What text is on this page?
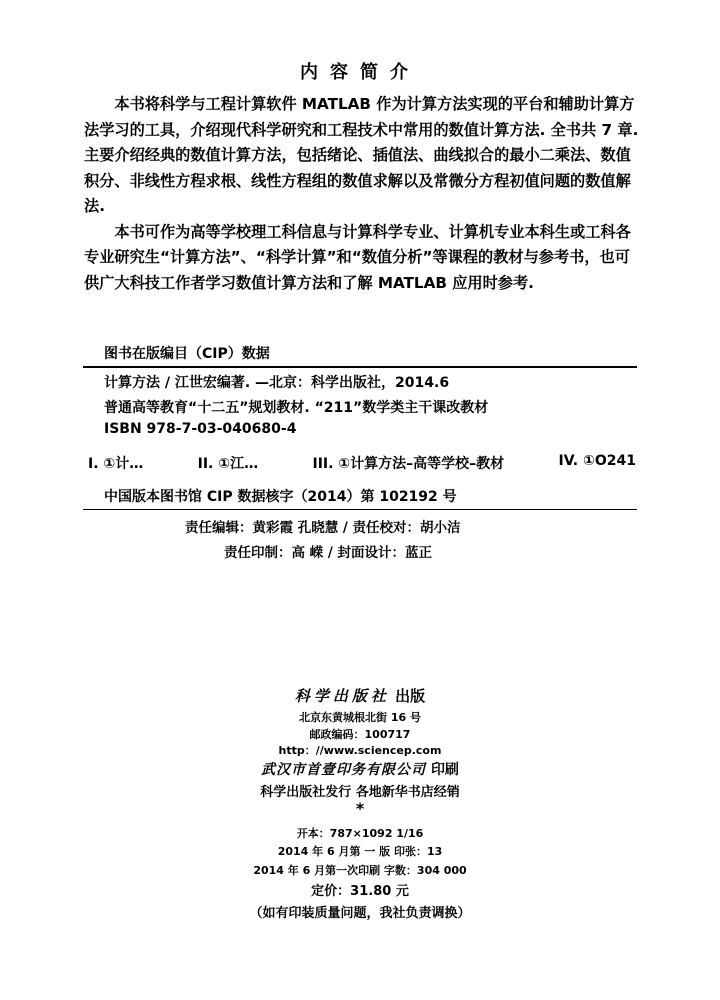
内容简介

本书将科学与工程计算软件 MATLAB 作为计算方法实现的平台和辅助计算方法学习的工具，介绍现代科学研究和工程技术中常用的数值计算方法. 全书共 7 章. 主要介绍经典的数值计算方法，包括绪论、插值法、曲线拟合的最小二乘法、数值积分、非线性方程求根、线性方程组的数值求解以及常微分方程初值问题的数值解法.

本书可作为高等学校理工科信息与计算科学专业、计算机专业本科生或工科各专业研究生“计算方法”、“科学计算”和“数值分析”等课程的教材与参考书，也可供广大科技工作者学习数值计算方法和了解 MATLAB 应用时参考.

图书在版编目（CIP）数据
计算方法 / 江世宏编著. —北京：科学出版社，2014.6
普通高等教育“十二五”规划教材. “211”数学类主干课改教材
ISBN 978-7-03-040680-4
I. ①计…	II. ①江…	III. ①计算方法–高等学校–教材	IV. ①O241
中国版本图书馆 CIP 数据核字（2014）第 102192 号
责任编辑：黄彩霞 孔晓慧 / 责任校对：胡小洁
责任印制：高 嵘 / 封面设计：蓝正
科学出版社 出版
北京东黄城根北街 16 号
邮政编码：100717
http：//www.sciencep.com
武汉市首壹印务有限公司 印刷
科学出版社发行 各地新华书店经销
*
开本：787×1092 1/16
2014 年 6 月第 一 版 印张：13
2014 年 6 月第一次印刷 字数：304 000
定价：31.80 元
（如有印装质量问题，我社负责调换）
